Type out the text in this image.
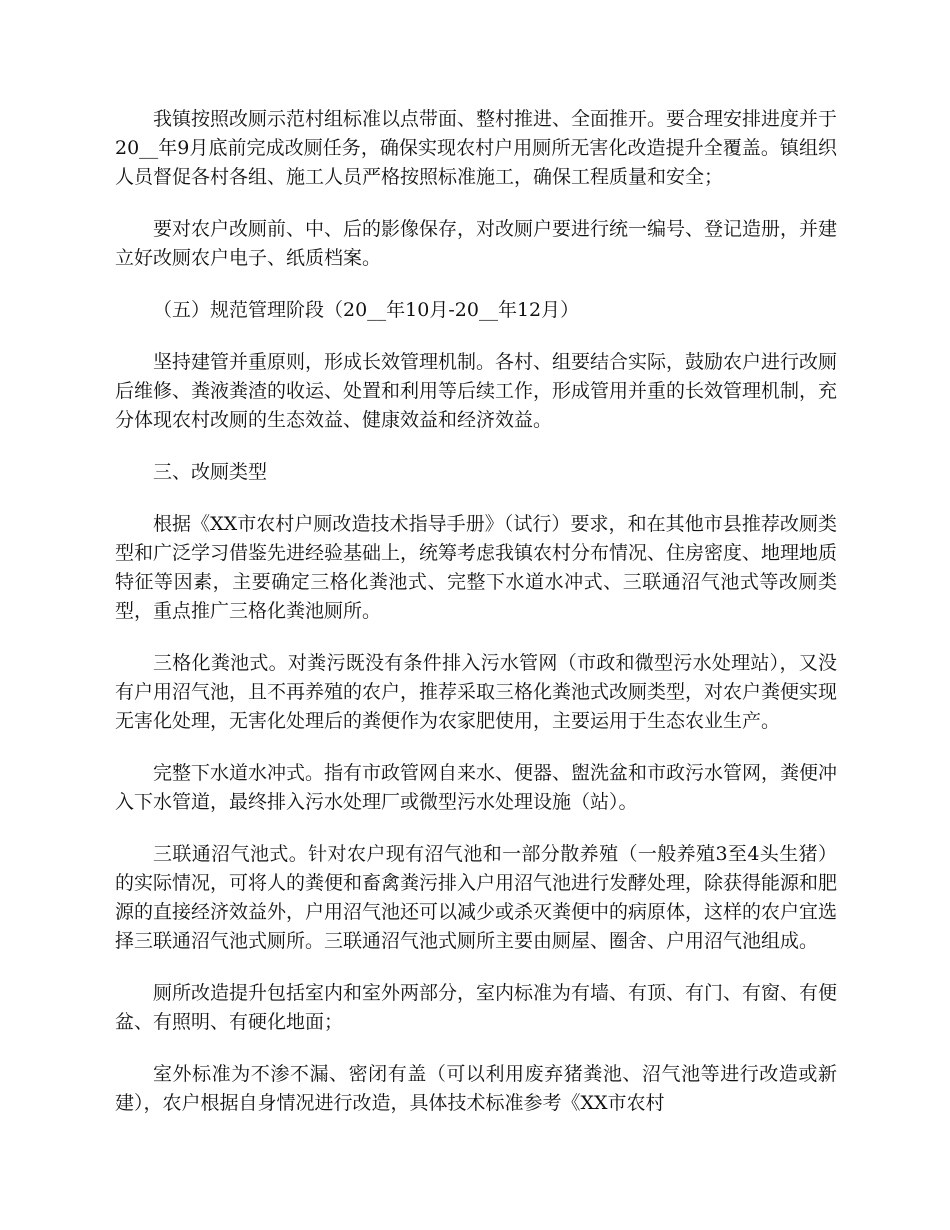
我镇按照改厕示范村组标准以点带面、整村推进、全面推开。要合理安排进度并于20__年9月底前完成改厕任务，确保实现农村户用厕所无害化改造提升全覆盖。镇组织人员督促各村各组、施工人员严格按照标准施工，确保工程质量和安全；

要对农户改厕前、中、后的影像保存，对改厕户要进行统一编号、登记造册，并建立好改厕农户电子、纸质档案。

（五）规范管理阶段（20__年10月-20__年12月）

坚持建管并重原则，形成长效管理机制。各村、组要结合实际，鼓励农户进行改厕后维修、粪液粪渣的收运、处置和利用等后续工作，形成管用并重的长效管理机制，充分体现农村改厕的生态效益、健康效益和经济效益。

三、改厕类型

根据《XX市农村户厕改造技术指导手册》（试行）要求，和在其他市县推荐改厕类型和广泛学习借鉴先进经验基础上，统筹考虑我镇农村分布情况、住房密度、地理地质特征等因素，主要确定三格化粪池式、完整下水道水冲式、三联通沼气池式等改厕类型，重点推广三格化粪池厕所。

三格化粪池式。对粪污既没有条件排入污水管网（市政和微型污水处理站），又没有户用沼气池，且不再养殖的农户，推荐采取三格化粪池式改厕类型，对农户粪便实现无害化处理，无害化处理后的粪便作为农家肥使用，主要运用于生态农业生产。

完整下水道水冲式。指有市政管网自来水、便器、盥洗盆和市政污水管网，粪便冲入下水管道，最终排入污水处理厂或微型污水处理设施（站）。

三联通沼气池式。针对农户现有沼气池和一部分散养殖（一般养殖3至4头生猪）的实际情况，可将人的粪便和畜禽粪污排入户用沼气池进行发酵处理，除获得能源和肥源的直接经济效益外，户用沼气池还可以减少或杀灭粪便中的病原体，这样的农户宜选择三联通沼气池式厕所。三联通沼气池式厕所主要由厕屋、圈舍、户用沼气池组成。

厕所改造提升包括室内和室外两部分，室内标准为有墙、有顶、有门、有窗、有便盆、有照明、有硬化地面；

室外标准为不渗不漏、密闭有盖（可以利用废弃猪粪池、沼气池等进行改造或新建），农户根据自身情况进行改造，具体技术标准参考《XX市农村
